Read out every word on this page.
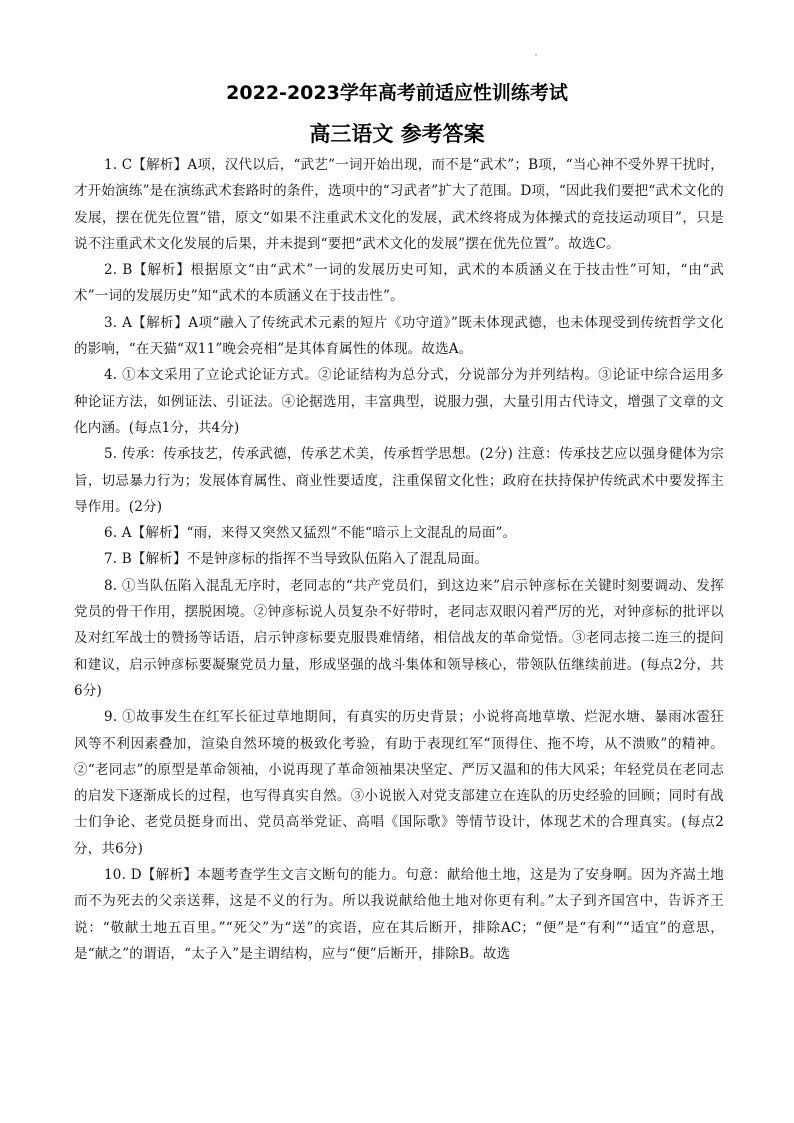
2022-2023学年高考前适应性训练考试
高三语文 参考答案

1. C【解析】A项，汉代以后，“武艺”一词开始出现，而不是“武术”；B项，“当心神不受外界干扰时，才开始演练”是在演练武术套路时的条件，选项中的“习武者”扩大了范围。D项，“因此我们要把“武术文化的发展，摆在优先位置”错，原文“如果不注重武术文化的发展，武术终将成为体操式的竞技运动项目”，只是说不注重武术文化发展的后果，并未提到“要把“武术文化的发展”摆在优先位置”。故选C。

2. B【解析】根据原文“由“武术”一词的发展历史可知，武术的本质涵义在于技击性”可知，“由“武术”一词的发展历史”知“武术的本质涵义在于技击性”。

3. A【解析】A项“融入了传统武术元素的短片《功守道》”既未体现武德，也未体现受到传统哲学文化的影响，“在天猫“双11”晚会亮相”是其体育属性的体现。故选A。

4. ①本文采用了立论式论证方式。②论证结构为总分式，分说部分为并列结构。③论证中综合运用多种论证方法，如例证法、引证法。④论据选用，丰富典型，说服力强，大量引用古代诗文，增强了文章的文化内涵。(每点1分，共4分)

5. 传承：传承技艺，传承武德，传承艺术美，传承哲学思想。(2分) 注意：传承技艺应以强身健体为宗旨，切忌暴力行为；发展体育属性、商业性要适度，注重保留文化性；政府在扶持保护传统武术中要发挥主导作用。(2分)

6. A【解析】“雨，来得又突然又猛烈”不能“暗示上文混乱的局面”。

7. B【解析】不是钟彦标的指挥不当导致队伍陷入了混乱局面。

8. ①当队伍陷入混乱无序时，老同志的“共产党员们，到这边来”启示钟彦标在关键时刻要调动、发挥党员的骨干作用，摆脱困境。②钟彦标说人员复杂不好带时，老同志双眼闪着严厉的光，对钟彦标的批评以及对红军战士的赞扬等话语，启示钟彦标要克服畏难情绪，相信战友的革命觉悟。③老同志接二连三的提问和建议，启示钟彦标要凝聚党员力量，形成坚强的战斗集体和领导核心，带领队伍继续前进。(每点2分，共6分)

9. ①故事发生在红军长征过草地期间，有真实的历史背景；小说将高地草墩、烂泥水塘、暴雨冰雹狂风等不利因素叠加，渲染自然环境的极致化考验，有助于表现红军“顶得住、拖不垮，从不溃败”的精神。②“老同志”的原型是革命领袖，小说再现了革命领袖果决坚定、严厉又温和的伟大风采；年轻党员在老同志的启发下逐渐成长的过程，也写得真实自然。③小说嵌入对党支部建立在连队的历史经验的回顾；同时有战士们争论、老党员挺身而出、党员高举党证、高唱《国际歌》等情节设计，体现艺术的合理真实。(每点2分，共6分)

10. D【解析】本题考查学生文言文断句的能力。句意：献给他土地，这是为了安身啊。因为齐嵩土地而不为死去的父亲送葬，这是不义的行为。所以我说献给他土地对你更有利。”太子到齐国宫中，告诉齐王说：“敬献土地五百里。”“死父”为“送”的宾语，应在其后断开，排除AC；“便”是“有利”“适宜”的意思，是“献之”的谓语，“太子入”是主谓结构，应与“便”后断开，排除B。故选
